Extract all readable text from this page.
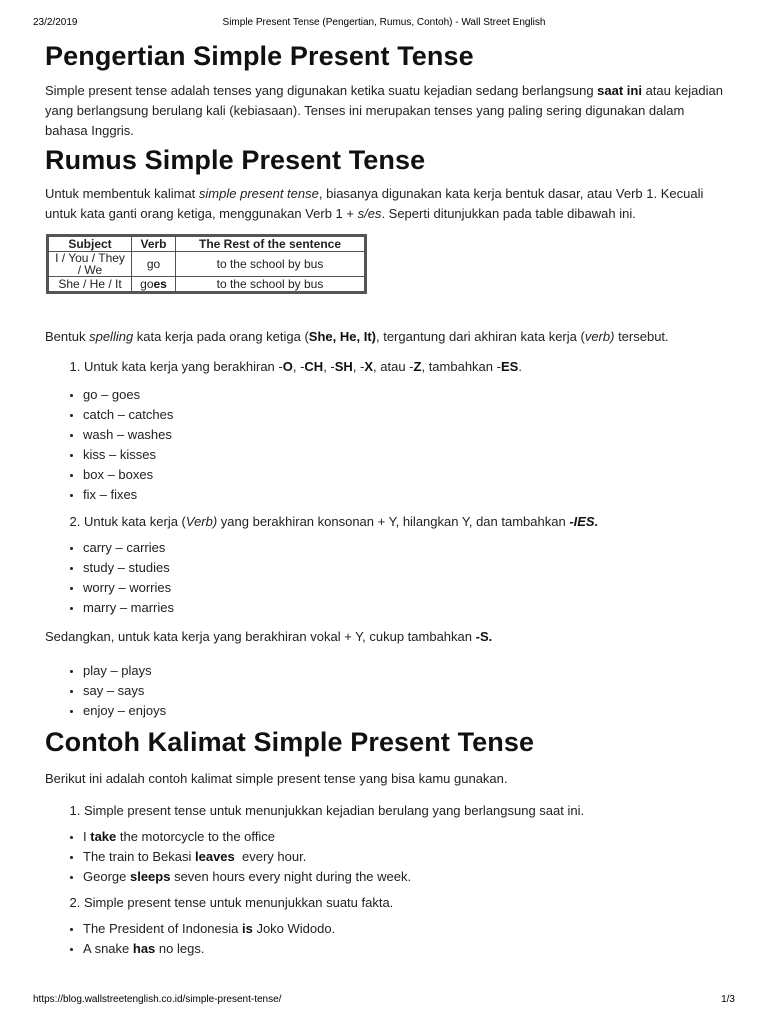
23/2/2019	Simple Present Tense (Pengertian, Rumus, Contoh) - Wall Street English
Pengertian Simple Present Tense

Simple present tense adalah tenses yang digunakan ketika suatu kejadian sedang berlangsung saat ini atau kejadian yang berlangsung berulang kali (kebiasaan). Tenses ini merupakan tenses yang paling sering digunakan dalam bahasa Inggris.

Rumus Simple Present Tense

Untuk membentuk kalimat simple present tense, biasanya digunakan kata kerja bentuk dasar, atau Verb 1. Kecuali untuk kata ganti orang ketiga, menggunakan Verb 1 + s/es. Seperti ditunjukkan pada table dibawah ini.

Subject	Verb	The Rest of the sentence
I / You / They / We	go	to the school by bus
She / He / It	goes	to the school by bus

Bentuk spelling kata kerja pada orang ketiga (She, He, It), tergantung dari akhiran kata kerja (verb) tersebut.

1. Untuk kata kerja yang berakhiran -O, -CH, -SH, -X, atau -Z, tambahkan -ES.
• go – goes
• catch – catches
• wash – washes
• kiss – kisses
• box – boxes
• fix – fixes
2. Untuk kata kerja (Verb) yang berakhiran konsonan + Y, hilangkan Y, dan tambahkan -IES.
• carry – carries
• study – studies
• worry – worries
• marry – marries

Sedangkan, untuk kata kerja yang berakhiran vokal + Y, cukup tambahkan -S.

• play – plays
• say – says
• enjoy – enjoys
Contoh Kalimat Simple Present Tense

Berikut ini adalah contoh kalimat simple present tense yang bisa kamu gunakan.

1. Simple present tense untuk menunjukkan kejadian berulang yang berlangsung saat ini.
• I take the motorcycle to the office
• The train to Bekasi leaves  every hour.
• George sleeps seven hours every night during the week.
2. Simple present tense untuk menunjukkan suatu fakta.
• The President of Indonesia is Joko Widodo.
• A snake has no legs.
https://blog.wallstreetenglish.co.id/simple-present-tense/	1/3
